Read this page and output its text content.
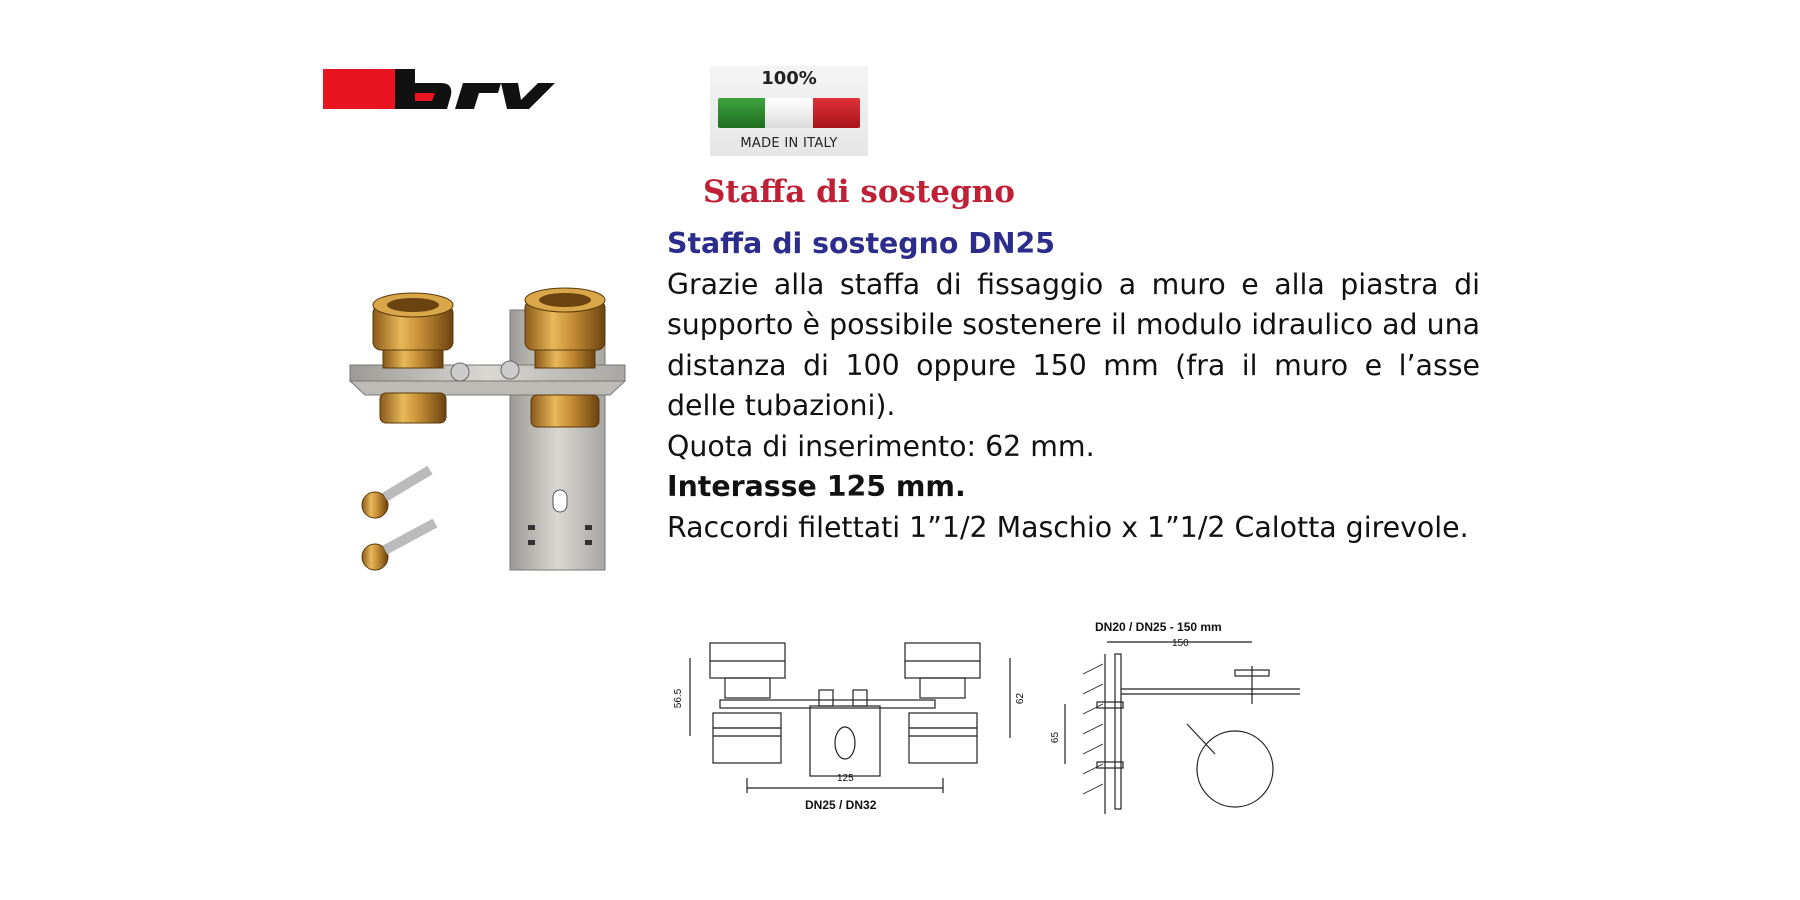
100%
MADE IN ITALY
Staffa di sostegno

Staffa di sostegno DN25

Grazie alla staffa di fissaggio a muro e alla piastra di supporto è possibile sostenere il modulo idraulico ad una distanza di 100 oppure 150 mm (fra il muro e l’asse delle tubazioni).

Quota di inserimento: 62 mm.

Interasse 125 mm.

Raccordi filettati 1”1/2 Maschio x 1”1/2 Calotta girevole.

56.5	62
125
DN25 / DN32
DN20 / DN25 - 150 mm
150
65
